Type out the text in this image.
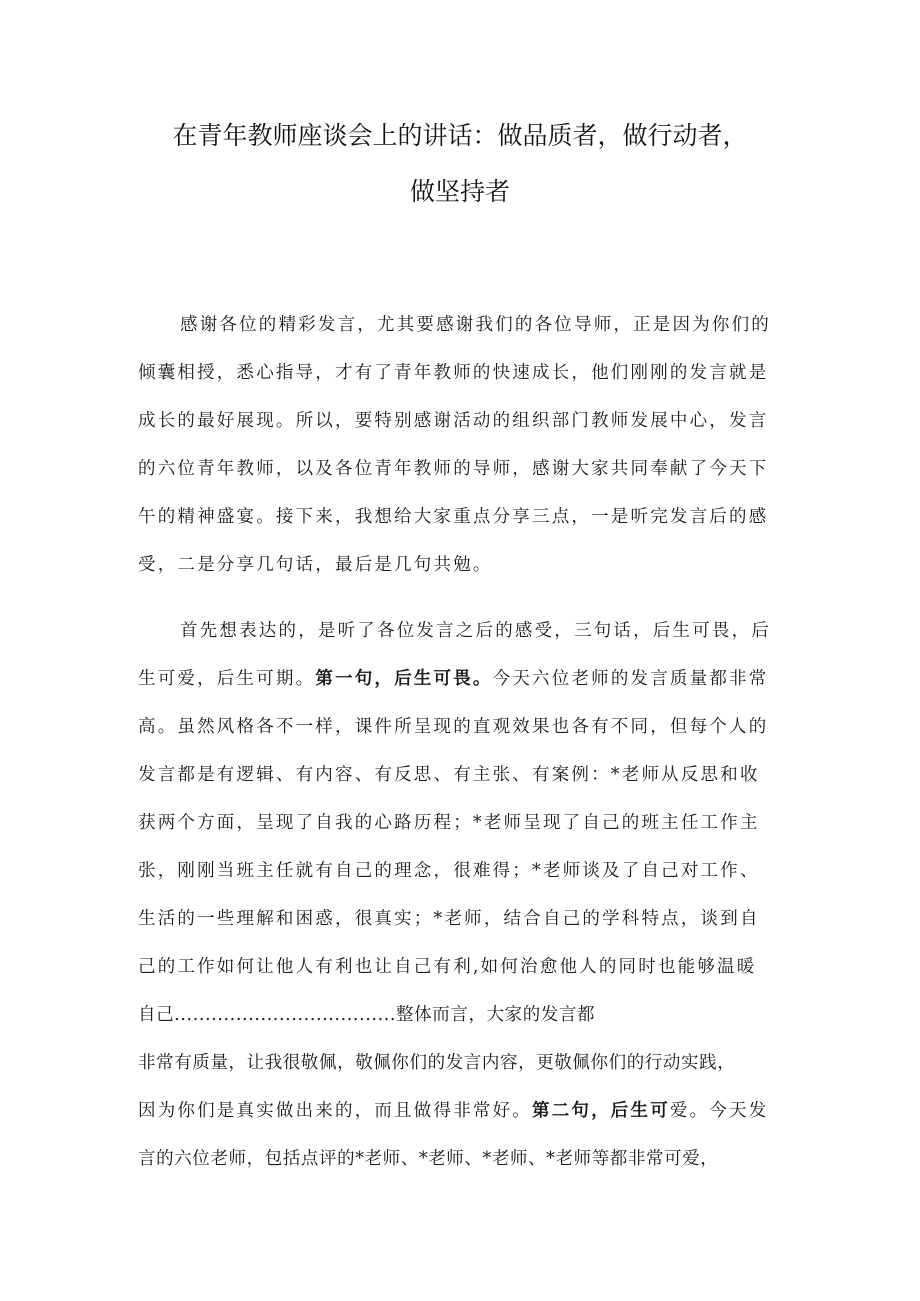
在青年教师座谈会上的讲话：做品质者，做行动者，
做坚持者
感谢各位的精彩发言，尤其要感谢我们的各位导师，正是因为你们的
倾囊相授，悉心指导，才有了青年教师的快速成长，他们刚刚的发言就是
成长的最好展现。所以，要特别感谢活动的组织部门教师发展中心，发言
的六位青年教师，以及各位青年教师的导师，感谢大家共同奉献了今天下
午的精神盛宴。接下来，我想给大家重点分享三点，一是听完发言后的感
受，二是分享几句话，最后是几句共勉。
首先想表达的，是听了各位发言之后的感受，三句话，后生可畏，后
生可爱，后生可期。第一句，后生可畏。今天六位老师的发言质量都非常
高。虽然风格各不一样，课件所呈现的直观效果也各有不同，但每个人的
发言都是有逻辑、有内容、有反思、有主张、有案例：*老师从反思和收
获两个方面，呈现了自我的心路历程；*老师呈现了自己的班主任工作主
张，刚刚当班主任就有自己的理念，很难得；*老师谈及了自己对工作、
生活的一些理解和困惑，很真实；*老师，结合自己的学科特点，谈到自
己的工作如何让他人有利也让自己有利,如何治愈他人的同时也能够温暖
自己....................................整体而言，大家的发言都
非常有质量，让我很敬佩，敬佩你们的发言内容，更敬佩你们的行动实践，
因为你们是真实做出来的，而且做得非常好。第二句，后生可爱。今天发
言的六位老师，包括点评的*老师、*老师、*老师、*老师等都非常可爱，
